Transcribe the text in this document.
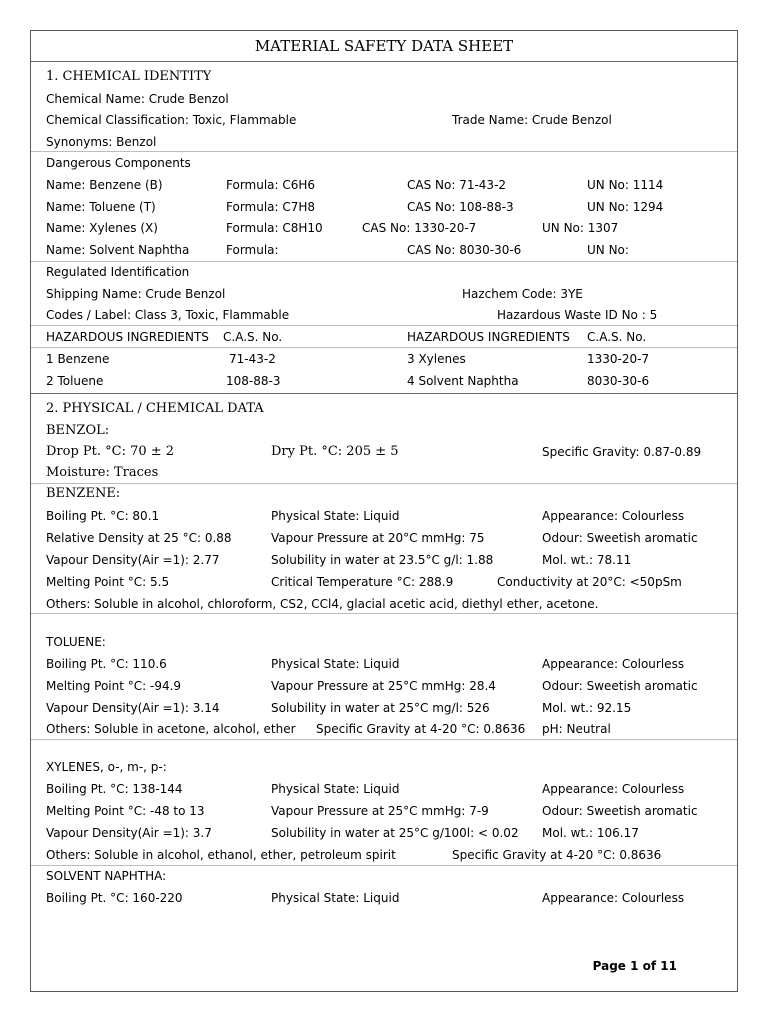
MATERIAL SAFETY DATA SHEET
1. CHEMICAL IDENTITY
Chemical Name: Crude Benzol
Chemical Classification: Toxic, Flammable	Trade Name: Crude Benzol
Synonyms: Benzol
Dangerous Components
Name: Benzene (B)	Formula: C6H6	CAS No: 71-43-2	UN No: 1114
Name: Toluene (T)	Formula: C7H8	CAS No: 108-88-3	UN No: 1294
Name: Xylenes (X)	Formula: C8H10	CAS No: 1330-20-7	UN No: 1307
Name: Solvent Naphtha	Formula:	CAS No: 8030-30-6	UN No:
Regulated Identification
Shipping Name: Crude Benzol	Hazchem Code: 3YE
Codes / Label: Class 3, Toxic, Flammable	Hazardous Waste ID No : 5
HAZARDOUS INGREDIENTS C.A.S. No.	HAZARDOUS INGREDIENTS C.A.S. No.
1 Benzene	71-43-2	3 Xylenes	1330-20-7
2 Toluene	108-88-3	4 Solvent Naphtha	8030-30-6
2. PHYSICAL / CHEMICAL DATA
BENZOL:
Drop Pt. °C: 70 ± 2	Dry Pt. °C: 205 ± 5	Specific Gravity: 0.87-0.89
Moisture: Traces
BENZENE:
Boiling Pt. °C: 80.1	Physical State: Liquid	Appearance: Colourless
Relative Density at 25 °C: 0.88	Vapour Pressure at 20°C mmHg: 75	Odour: Sweetish aromatic
Vapour Density(Air =1): 2.77	Solubility in water at 23.5°C g/l: 1.88	Mol. wt.: 78.11
Melting Point °C: 5.5	Critical Temperature °C: 288.9	Conductivity at 20°C: <50pSm
Others: Soluble in alcohol, chloroform, CS2, CCl4, glacial acetic acid, diethyl ether, acetone.
TOLUENE:
Boiling Pt. °C: 110.6	Physical State: Liquid	Appearance: Colourless
Melting Point °C: -94.9	Vapour Pressure at 25°C mmHg: 28.4	Odour: Sweetish aromatic
Vapour Density(Air =1): 3.14	Solubility in water at 25°C mg/l: 526	Mol. wt.: 92.15
Others: Soluble in acetone, alcohol, ether Specific Gravity at 4-20 °C: 0.8636 pH: Neutral
XYLENES, o-, m-, p-:
Boiling Pt. °C: 138-144	Physical State: Liquid	Appearance: Colourless
Melting Point °C: -48 to 13	Vapour Pressure at 25°C mmHg: 7-9	Odour: Sweetish aromatic
Vapour Density(Air =1): 3.7	Solubility in water at 25°C g/100l: < 0.02 Mol. wt.: 106.17
Others: Soluble in alcohol, ethanol, ether, petroleum spirit	Specific Gravity at 4-20 °C: 0.8636
SOLVENT NAPHTHA:
Boiling Pt. °C: 160-220	Physical State: Liquid	Appearance: Colourless
Page 1 of 11
